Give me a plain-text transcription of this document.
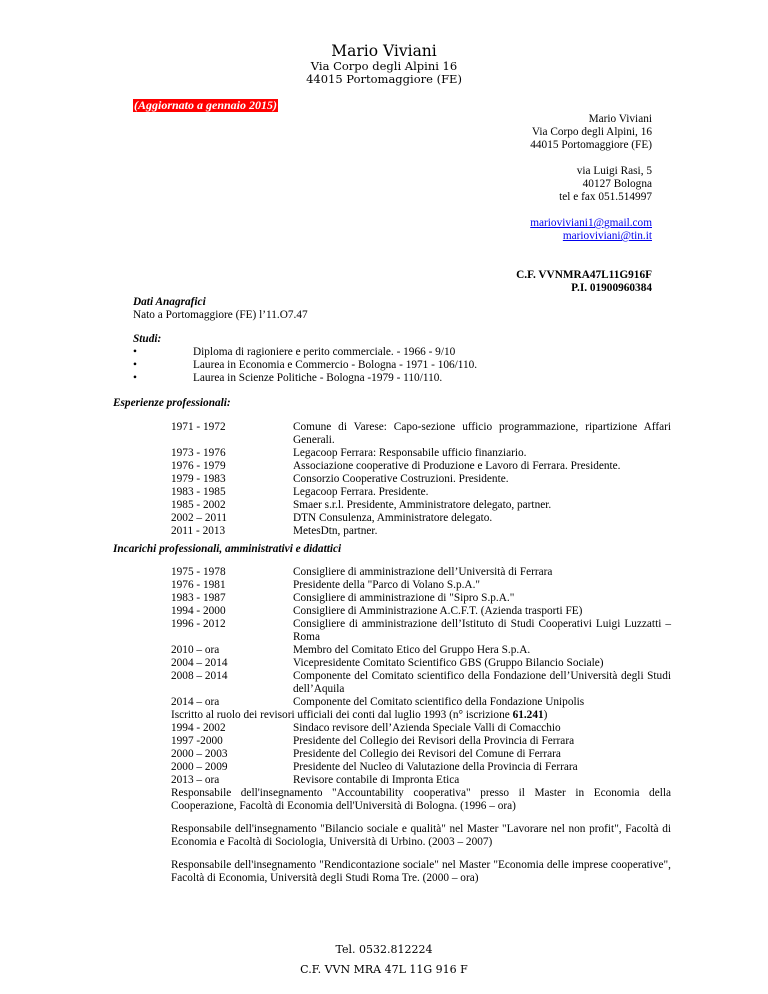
Mario Viviani
Via Corpo degli Alpini 16
44015 Portomaggiore (FE)
(Aggiornato a gennaio 2015)
Mario Viviani
Via Corpo degli Alpini, 16
44015 Portomaggiore (FE)
via Luigi Rasi, 5
40127 Bologna
tel e fax 051.514997
marioviviani1@gmail.com
marioviviani@tin.it
C.F. VVNMRA47L11G916F
P.I. 01900960384
Dati Anagrafici
Nato a Portomaggiore (FE) l’11.O7.47
Studi:
•	Diploma di ragioniere e perito commerciale. - 1966 - 9/10
•	Laurea in Economia e Commercio - Bologna - 1971 - 106/110.
•	Laurea in Scienze Politiche - Bologna -1979 - 110/110.
Esperienze professionali:
1971 - 1972	Comune di Varese: Capo-sezione ufficio programmazione, ripartizione Affari Generali.
1973 - 1976	Legacoop Ferrara: Responsabile ufficio finanziario.
1976 - 1979	Associazione cooperative di Produzione e Lavoro di Ferrara. Presidente.
1979 - 1983	Consorzio Cooperative Costruzioni. Presidente.
1983 - 1985	Legacoop Ferrara. Presidente.
1985 - 2002	Smaer s.r.l. Presidente, Amministratore delegato, partner.
2002 – 2011	DTN Consulenza, Amministratore delegato.
2011 - 2013	MetesDtn, partner.
Incarichi professionali, amministrativi e didattici
1975 - 1978	Consigliere di amministrazione dell’Università di Ferrara
1976 - 1981	Presidente della "Parco di Volano S.p.A."
1983 - 1987	Consigliere di amministrazione di "Sipro S.p.A."
1994 - 2000	Consigliere di Amministrazione A.C.F.T. (Azienda trasporti FE)
1996 - 2012	Consigliere di amministrazione dell’Istituto di Studi Cooperativi Luigi Luzzatti – Roma
2010 – ora	Membro del Comitato Etico del Gruppo Hera S.p.A.
2004 – 2014	Vicepresidente Comitato Scientifico GBS (Gruppo Bilancio Sociale)
2008 – 2014	Componente del Comitato scientifico della Fondazione dell’Università degli Studi dell’Aquila
2014 – ora	Componente del Comitato scientifico della Fondazione Unipolis
Iscritto al ruolo dei revisori ufficiali dei conti dal luglio 1993 (n° iscrizione 61.241)
1994 - 2002	Sindaco revisore dell’Azienda Speciale Valli di Comacchio
1997 -2000	Presidente del Collegio dei Revisori della Provincia di Ferrara
2000 – 2003	Presidente del Collegio dei Revisori del Comune di Ferrara
2000 – 2009	Presidente del Nucleo di Valutazione della Provincia di Ferrara
2013 – ora	Revisore contabile di Impronta Etica
Responsabile dell'insegnamento "Accountability cooperativa" presso il Master in Economia della Cooperazione, Facoltà di Economia dell'Università di Bologna. (1996 – ora)
Responsabile dell'insegnamento "Bilancio sociale e qualità" nel Master "Lavorare nel non profit", Facoltà di Economia e Facoltà di Sociologia, Università di Urbino. (2003 – 2007)
Responsabile dell'insegnamento "Rendicontazione sociale" nel Master "Economia delle imprese cooperative", Facoltà di Economia, Università degli Studi Roma Tre. (2000 – ora)
Tel. 0532.812224
C.F. VVN MRA 47L 11G 916 F
